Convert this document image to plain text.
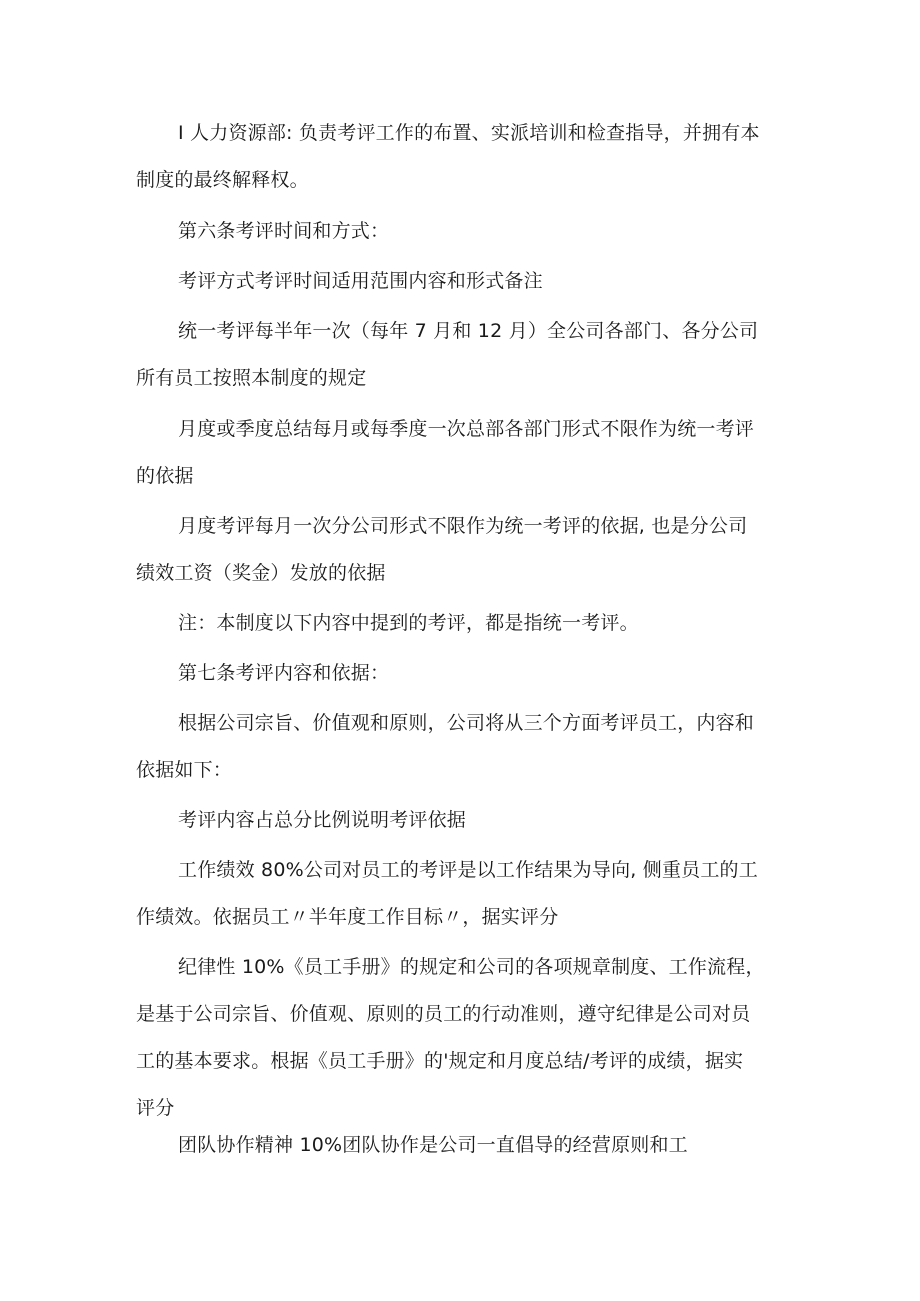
I 人力资源部: 负责考评工作的布置、实派培训和检查指导，并拥有本
制度的最终解释权。

第六条考评时间和方式：

考评方式考评时间适用范围内容和形式备注

统一考评每半年一次（每年 7 月和 12 月）全公司各部门、各分公司
所有员工按照本制度的规定

月度或季度总结每月或每季度一次总部各部门形式不限作为统一考评
的依据

月度考评每月一次分公司形式不限作为统一考评的依据, 也是分公司
绩效工资（奖金）发放的依据

注：本制度以下内容中提到的考评，都是指统一考评。

第七条考评内容和依据：

根据公司宗旨、价值观和原则，公司将从三个方面考评员工，内容和
依据如下：

考评内容占总分比例说明考评依据

工作绩效 80%公司对员工的考评是以工作结果为导向, 侧重员工的工
作绩效。依据员工〃半年度工作目标〃，据实评分

纪律性 10%《员工手册》的规定和公司的各项规章制度、工作流程，
是基于公司宗旨、价值观、原则的员工的行动准则，遵守纪律是公司对员
工的基本要求。根据《员工手册》的'规定和月度总结/考评的成绩，据实
评分

团队协作精神 10%团队协作是公司一直倡导的经营原则和工
